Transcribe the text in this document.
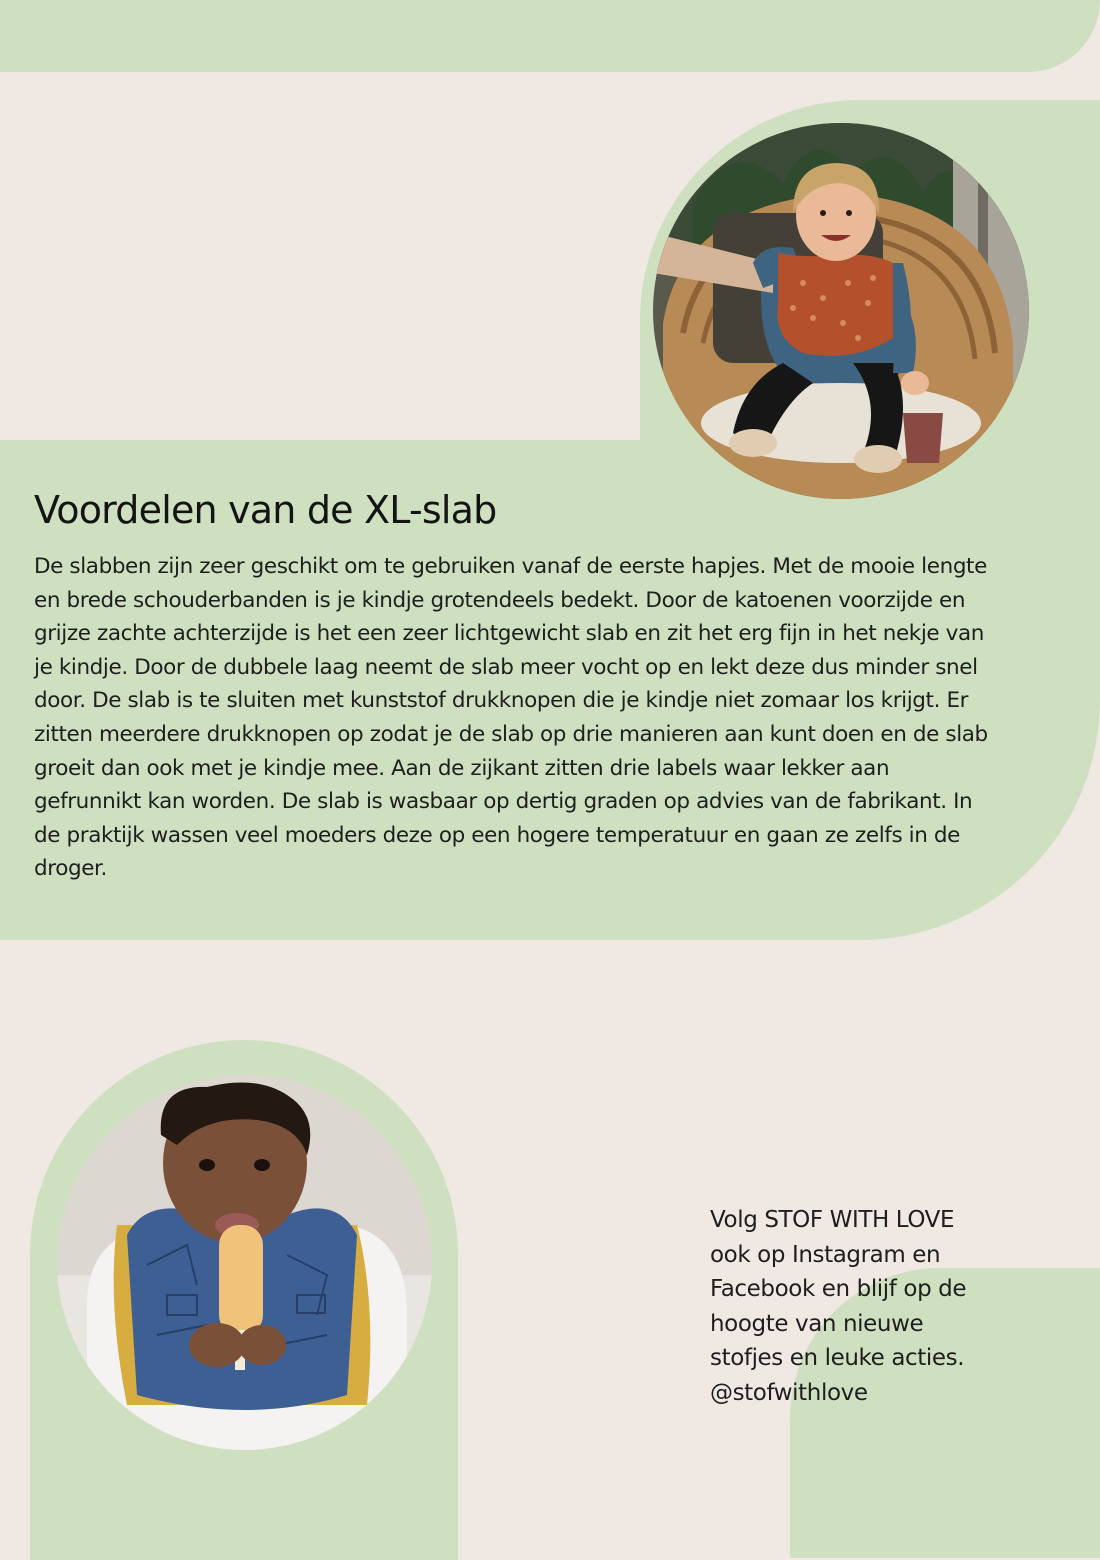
Voordelen van de XL-slab

De slabben zijn zeer geschikt om te gebruiken vanaf de eerste hapjes. Met de mooie lengte en brede schouderbanden is je kindje grotendeels bedekt. Door de katoenen voorzijde en grijze zachte achterzijde is het een zeer lichtgewicht slab en zit het erg fijn in het nekje van je kindje. Door de dubbele laag neemt de slab meer vocht op en lekt deze dus minder snel door. De slab is te sluiten met kunststof drukknopen die je kindje niet zomaar los krijgt. Er zitten meerdere drukknopen op zodat je de slab op drie manieren aan kunt doen en de slab groeit dan ook met je kindje mee. Aan de zijkant zitten drie labels waar lekker aan gefrunnikt kan worden. De slab is wasbaar op dertig graden op advies van de fabrikant. In de praktijk wassen veel moeders deze op een hogere temperatuur en gaan ze zelfs in de droger.

Volg STOF WITH LOVE
ook op Instagram en
Facebook en blijf op de
hoogte van nieuwe
stofjes en leuke acties.
@stofwithlove
